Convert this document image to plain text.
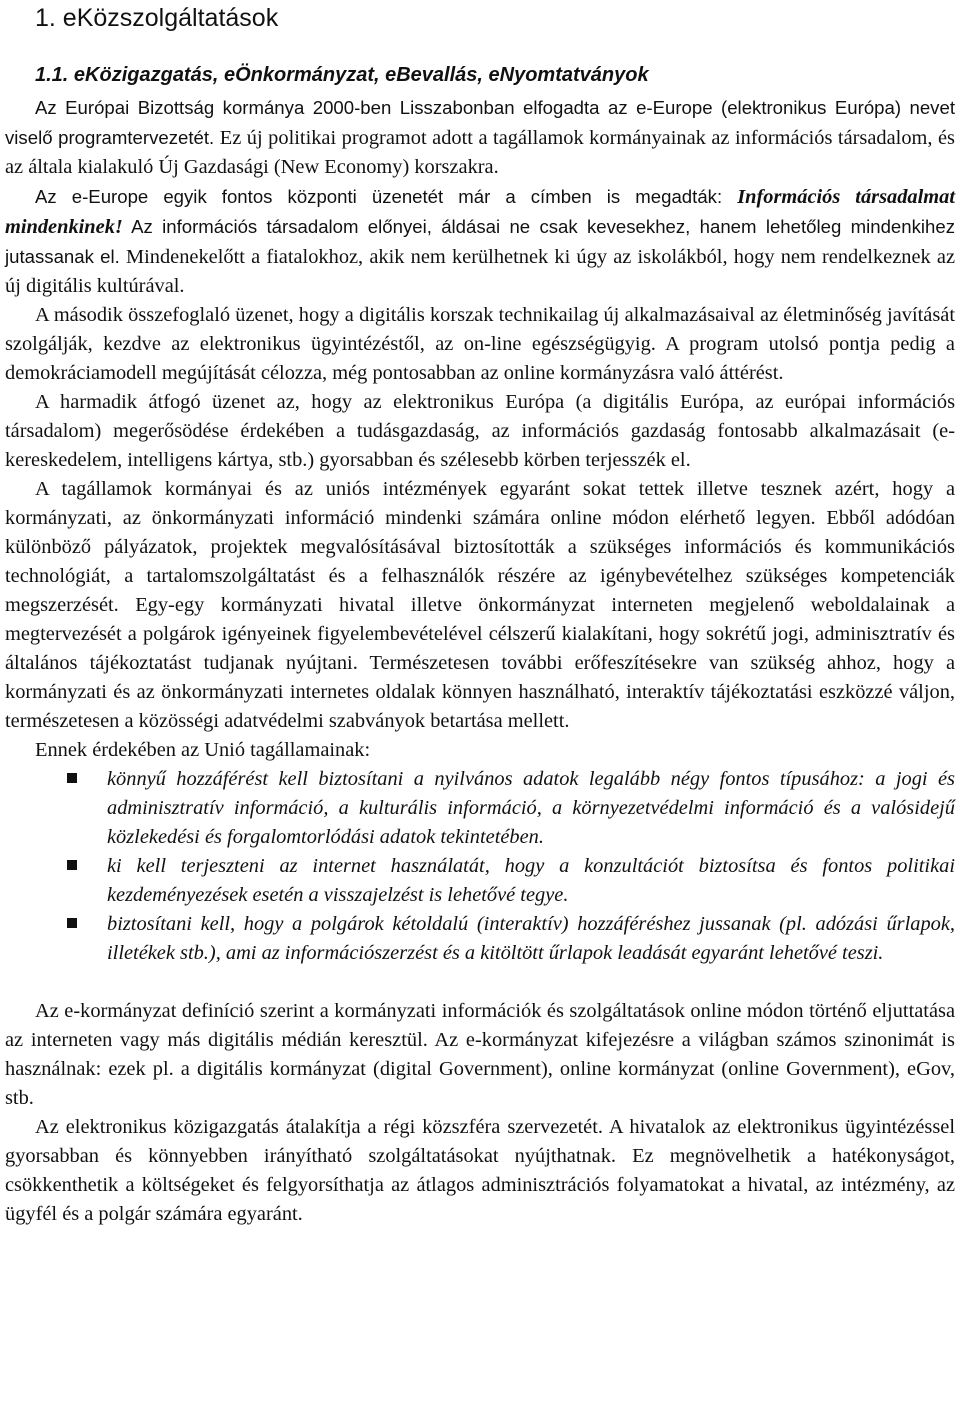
1. eKözszolgáltatások
1.1. eKözigazgatás, eÖnkormányzat, eBevallás, eNyomtatványok

Az Európai Bizottság kormánya 2000-ben Lisszabonban elfogadta az e-Europe (elektronikus Európa) nevet viselő programtervezetét. Ez új politikai programot adott a tagállamok kormányainak az információs társadalom, és az általa kialakuló Új Gazdasági (New Economy) korszakra.

Az e-Europe egyik fontos központi üzenetét már a címben is megadták: Információs társadalmat mindenkinek! Az információs társadalom előnyei, áldásai ne csak kevesekhez, hanem lehetőleg mindenkihez jutassanak el. Mindenekelőtt a fiatalokhoz, akik nem kerülhetnek ki úgy az iskolákból, hogy nem rendelkeznek az új digitális kultúrával.

A második összefoglaló üzenet, hogy a digitális korszak technikailag új alkalmazásaival az életminőség javítását szolgálják, kezdve az elektronikus ügyintézéstől, az on-line egészségügyig. A program utolsó pontja pedig a demokráciamodell megújítását célozza, még pontosabban az online kormányzásra való áttérést.

A harmadik átfogó üzenet az, hogy az elektronikus Európa (a digitális Európa, az európai információs társadalom) megerősödése érdekében a tudásgazdaság, az információs gazdaság fontosabb alkalmazásait (e-kereskedelem, intelligens kártya, stb.) gyorsabban és szélesebb körben terjesszék el.

A tagállamok kormányai és az uniós intézmények egyaránt sokat tettek illetve tesznek azért, hogy a kormányzati, az önkormányzati információ mindenki számára online módon elérhető legyen. Ebből adódóan különböző pályázatok, projektek megvalósításával biztosították a szükséges információs és kommunikációs technológiát, a tartalomszolgáltatást és a felhasználók részére az igénybevételhez szükséges kompetenciák megszerzését. Egy-egy kormányzati hivatal illetve önkormányzat interneten megjelenő weboldalainak a megtervezését a polgárok igényeinek figyelembevételével célszerű kialakítani, hogy sokrétű jogi, adminisztratív és általános tájékoztatást tudjanak nyújtani. Természetesen további erőfeszítésekre van szükség ahhoz, hogy a kormányzati és az önkormányzati internetes oldalak könnyen használható, interaktív tájékoztatási eszközzé váljon, természetesen a közösségi adatvédelmi szabványok betartása mellett.

Ennek érdekében az Unió tagállamainak:

könnyű hozzáférést kell biztosítani a nyilvános adatok legalább négy fontos típusához: a jogi és adminisztratív információ, a kulturális információ, a környezetvédelmi információ és a valósidejű közlekedési és forgalomtorlódási adatok tekintetében.
ki kell terjeszteni az internet használatát, hogy a konzultációt biztosítsa és fontos politikai kezdeményezések esetén a visszajelzést is lehetővé tegye.
biztosítani kell, hogy a polgárok kétoldalú (interaktív) hozzáféréshez jussanak (pl. adózási űrlapok, illetékek stb.), ami az információszerzést és a kitöltött űrlapok leadását egyaránt lehetővé teszi.

Az e-kormányzat definíció szerint a kormányzati információk és szolgáltatások online módon történő eljuttatása az interneten vagy más digitális médián keresztül. Az e-kormányzat kifejezésre a világban számos szinonimát is használnak: ezek pl. a digitális kormányzat (digital Government), online kormányzat (online Government), eGov, stb.

Az elektronikus közigazgatás átalakítja a régi közszféra szervezetét. A hivatalok az elektronikus ügyintézéssel gyorsabban és könnyebben irányítható szolgáltatásokat nyújthatnak. Ez megnövelhetik a hatékonyságot, csökkenthetik a költségeket és felgyorsíthatja az átlagos adminisztrációs folyamatokat a hivatal, az intézmény, az ügyfél és a polgár számára egyaránt.
